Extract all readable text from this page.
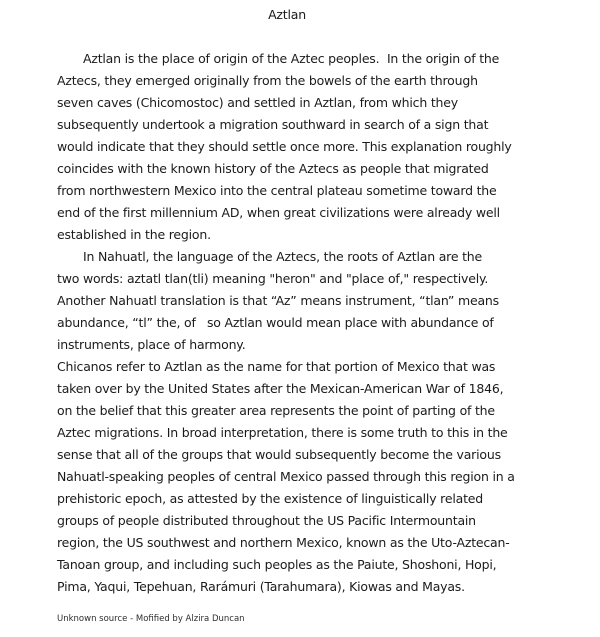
Aztlan
Aztlan is the place of origin of the Aztec peoples.  In the origin of the
Aztecs, they emerged originally from the bowels of the earth through
seven caves (Chicomostoc) and settled in Aztlan, from which they
subsequently undertook a migration southward in search of a sign that
would indicate that they should settle once more. This explanation roughly
coincides with the known history of the Aztecs as people that migrated
from northwestern Mexico into the central plateau sometime toward the
end of the first millennium AD, when great civilizations were already well
established in the region.
In Nahuatl, the language of the Aztecs, the roots of Aztlan are the
two words: aztatl tlan(tli) meaning "heron" and "place of," respectively.
Another Nahuatl translation is that “Az” means instrument, “tlan” means
abundance, “tl” the, of   so Aztlan would mean place with abundance of
instruments, place of harmony.
Chicanos refer to Aztlan as the name for that portion of Mexico that was
taken over by the United States after the Mexican-American War of 1846,
on the belief that this greater area represents the point of parting of the
Aztec migrations. In broad interpretation, there is some truth to this in the
sense that all of the groups that would subsequently become the various
Nahuatl-speaking peoples of central Mexico passed through this region in a
prehistoric epoch, as attested by the existence of linguistically related
groups of people distributed throughout the US Pacific Intermountain
region, the US southwest and northern Mexico, known as the Uto-Aztecan-
Tanoan group, and including such peoples as the Paiute, Shoshoni, Hopi,
Pima, Yaqui, Tepehuan, Rarámuri (Tarahumara), Kiowas and Mayas.
Unknown source - Mofified by Alzira Duncan
